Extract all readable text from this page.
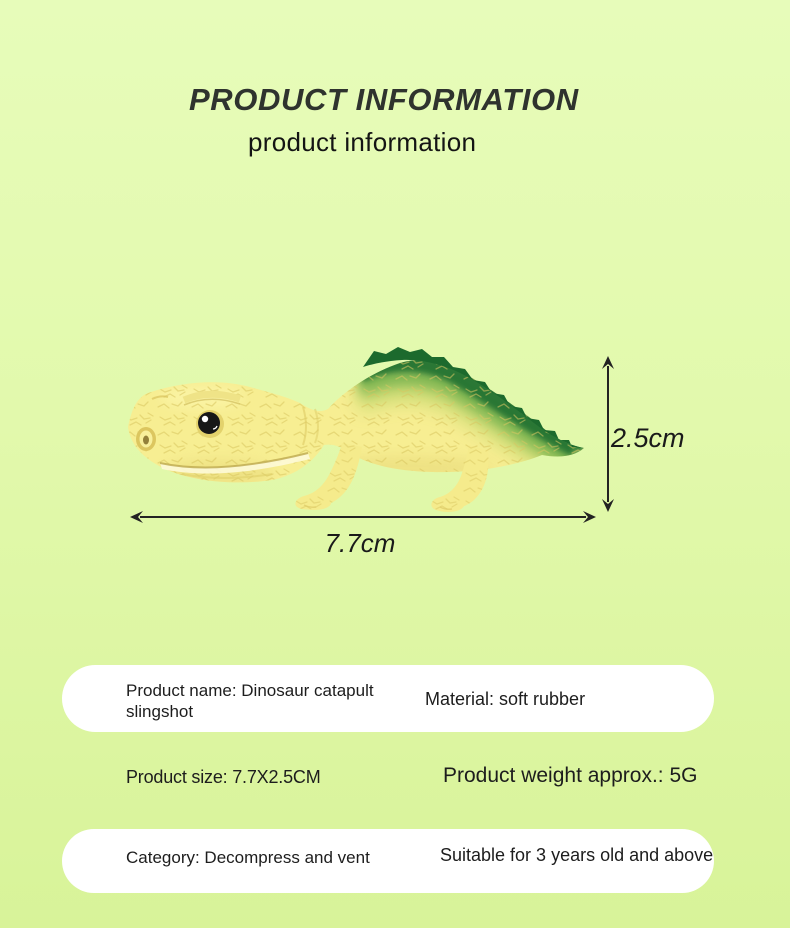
PRODUCT INFORMATION
product information
2.5cm
7.7cm
Product name: Dinosaur catapult slingshot
Material: soft rubber
Product size: 7.7X2.5CM	Product weight approx.: 5G
Category: Decompress and vent	Suitable for 3 years old and above
